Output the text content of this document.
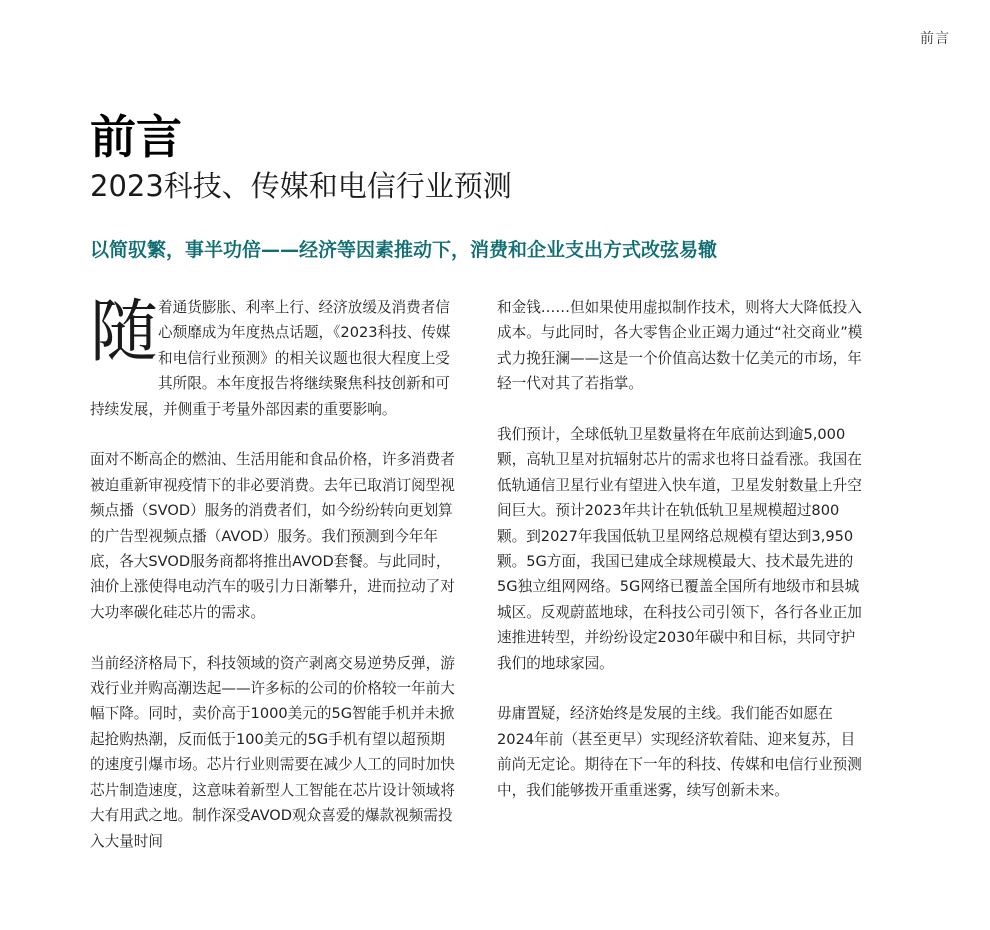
前言
前言
2023科技、传媒和电信行业预测
以简驭繁，事半功倍——经济等因素推动下，消费和企业支出方式改弦易辙

随着通货膨胀、利率上行、经济放缓及消费者信心颓靡成为年度热点话题，《2023科技、传媒和电信行业预测》的相关议题也很大程度上受其所限。本年度报告将继续聚焦科技创新和可持续发展，并侧重于考量外部因素的重要影响。

面对不断高企的燃油、生活用能和食品价格，许多消费者被迫重新审视疫情下的非必要消费。去年已取消订阅型视频点播（SVOD）服务的消费者们，如今纷纷转向更划算的广告型视频点播（AVOD）服务。我们预测到今年年底，各大SVOD服务商都将推出AVOD套餐。与此同时，油价上涨使得电动汽车的吸引力日渐攀升，进而拉动了对大功率碳化硅芯片的需求。

当前经济格局下，科技领域的资产剥离交易逆势反弹，游戏行业并购高潮迭起——许多标的公司的价格较一年前大幅下降。同时，卖价高于1000美元的5G智能手机并未掀起抢购热潮，反而低于100美元的5G手机有望以超预期的速度引爆市场。芯片行业则需要在减少人工的同时加快芯片制造速度，这意味着新型人工智能在芯片设计领域将大有用武之地。制作深受AVOD观众喜爱的爆款视频需投入大量时间

和金钱……但如果使用虚拟制作技术，则将大大降低投入成本。与此同时，各大零售企业正竭力通过“社交商业”模式力挽狂澜——这是一个价值高达数十亿美元的市场，年轻一代对其了若指掌。

我们预计，全球低轨卫星数量将在年底前达到逾5,000颗，高轨卫星对抗辐射芯片的需求也将日益看涨。我国在低轨通信卫星行业有望进入快车道，卫星发射数量上升空间巨大。预计2023年共计在轨低轨卫星规模超过800颗。到2027年我国低轨卫星网络总规模有望达到3,950颗。5G方面，我国已建成全球规模最大、技术最先进的5G独立组网网络。5G网络已覆盖全国所有地级市和县城城区。反观蔚蓝地球，在科技公司引领下，各行各业正加速推进转型，并纷纷设定2030年碳中和目标，共同守护我们的地球家园。

毋庸置疑，经济始终是发展的主线。我们能否如愿在2024年前（甚至更早）实现经济软着陆、迎来复苏，目前尚无定论。期待在下一年的科技、传媒和电信行业预测中，我们能够拨开重重迷雾，续写创新未来。
